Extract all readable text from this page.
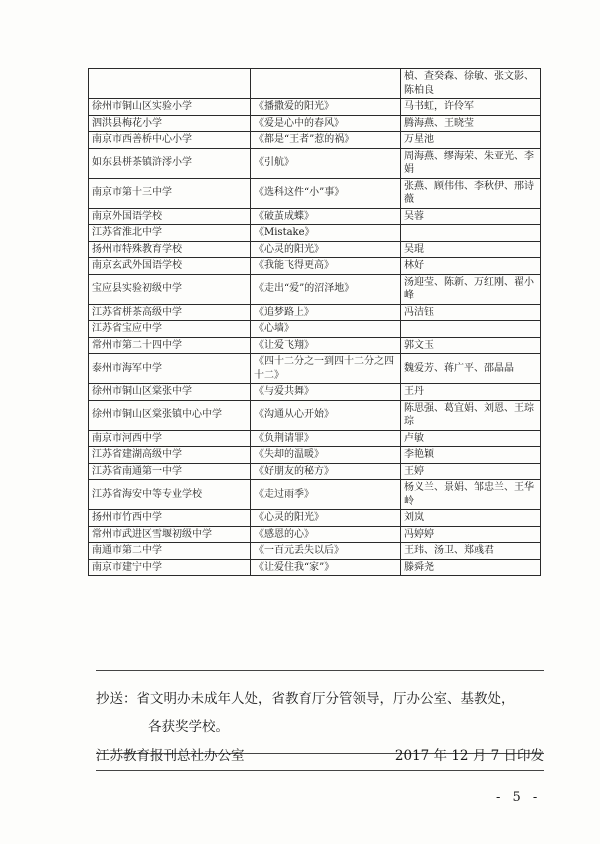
		楨、查癸森、徐敏、张文影、陈柏良
徐州市铜山区实验小学	《播撒爱的阳光》	马书虹，许伶军
泗洪县梅花小学	《爱是心中的春风》	腾海燕、王晓莹
南京市西善桥中心小学	《都是“王者”惹的祸》	万星池
如东县栟茶镇浒澪小学	《引航》	周海燕、缪海荣、朱亚光、李娟
南京市第十三中学	《选科这件“小”事》	张燕、顾伟伟、李秋伊、邢诗薇
南京外国语学校	《破茧成蝶》	吴蓉
江苏省淮北中学	《Mistake》	
扬州市特殊教育学校	《心灵的阳光》	吴琨
南京玄武外国语学校	《我能飞得更高》	林好
宝应县实验初级中学	《走出“爱”的沼泽地》	汤迎莹、陈新、万红刚、翟小峰
江苏省栟茶高级中学	《追梦路上》	冯洁钰
江苏省宝应中学	《心墙》	
常州市第二十四中学	《让爱飞翔》	郭文玉
泰州市海军中学	《四十二分之一到四十二分之四十二》	魏爱芳、蒋广平、邵晶晶
徐州市铜山区棠张中学	《与爱共舞》	王丹
徐州市铜山区棠张镇中心中学	《沟通从心开始》	陈思强、葛宜娟、刘恩、王琮琮
南京市河西中学	《负荆请罪》	卢敏
江苏省建湖高级中学	《失却的温暖》	李艳颖
江苏省南通第一中学	《好朋友的秘方》	王婷
江苏省海安中等专业学校	《走过雨季》	杨义兰、景娟、邹忠兰、王华岭
扬州市竹西中学	《心灵的阳光》	刘岚
常州市武进区雪堰初级中学	《感恩的心》	冯婷婷
南通市第二中学	《一百元丢失以后》	王玮、汤卫、郑彧君
南京市建宁中学	《让爱住我“家”》	滕舜尧
抄送：省文明办未成年人处，省教育厅分管领导，厅办公室、基教处，
各获奖学校。
江苏教育报刊总社办公室	2017 年 12 月 7 日印发
- 5 -
